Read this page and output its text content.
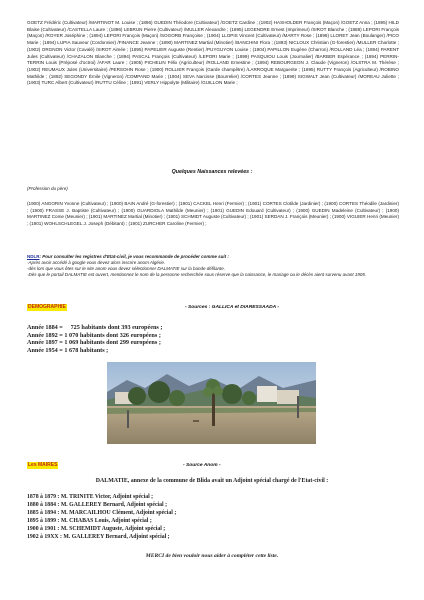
GOETZ Frédéric (Cultivateur) /MARTINOT M. Louise ; (1896) GUEDIN Théodore (Cultivateur) /GOETZ Cardine ; (1902) HASHOLDER François (Maçon) /GOETZ Anna ; (1895) HILD Blaise (Cultivateur) /CASTELLA Laure ; (1896) LEBRUN Pierre (Cultivateur) /MULLER Alexandre ; (1895) LEGENDRE Ernest (Imprimeur) /SIROT Blanche ; (1888) LEPORI François (Maçon) /ROYER Joséphine ; (1894) LEPORI François (Maçon) /SOGORB Françoise ; (1904) LLOPIS Vincent (Cultivateur) /MARTY Rose ; (1898) LLORET Jean (Boulanger) /PICO Marie ; (1894) LUPIA Sauveur (Cordonnier) /FINANCE Jeanne ; (1890) MARTINEZ Martial (Minotier) /BANCHINI Flora ; (1893) NICLOUX Christian (G-forestier) /MULLER Charlotte ; (1902) ORGNON Victor (Cavalé) /SIROT Aimée ; (1895) PAPELIER Auguste (Rentier) /PUYGUYON Louise ; (1904) PAPILLON Eugène (Charron) /ROLLAND Léa ; (1894) PARENT Jules (Cultivateur) /CHAZALON Blanche ; (1894) PASCAL François (Cultivateur) /LEPORI Marie ; (1899) PASQUIOU Louis (Journalier) /BARBER Espérance ; (1894) PERRIN-TERRIN Louis (Préposé d'octroi) /AFAR Laure ; (1905) PICHELIN Félix (Agriculteur) /ROLLAND Ernestine ; (1894) REBOURGEON J. Claude (Vigneron) /OLSTRA M. Thérèse ; (1902) REUMAUX Jules (Universitaire) /PERSOHN Rose ; (1900) ROLLIER François (Garde champêtre) /LARROQUE Marguerite ; (1895) RUTTY François (Agriculteur) /ROBINO Mathilde ; (1892) SEGONDY Émile (Vigneron) /COMPAND Marie ; (1904) SEVA Narcisse (Bourrelier) /CORTES Jeanne ; (1899) SIGWALT Jean (Cultivateur) /MOREAU Juliette ; (1903) TURC Albert (Cultivateur) /RUTTU Céline ; (1891) VERLY Hippolyte (Militaire) /GUILLON Marie ;
Quelques Naissances relevées :
(Profession du père)
(1900) ANGORIN Yvonne (Cultivateur) ; (1900) BAIN André (G-forestier) ; (1901) CACKEL Henri (Fermier) ; (1901) CORTES Clotilde (Jardinier) ; (1900) CORTES Théodile (Jardinier) ; (1900) FRASSE J. Baptiste (Cultivateur) ; (1900) GUARDIOLA Mathilde (Meunier) ; (1901) GUEDIN Edouard (Cultivateur) ; (1900) GUEDIN Madeleine (Cultivateur) ; (1900) MARTINEZ Come (Meunier) ; (1901) MARTINEZ Martial (Minotier) ; (1901) SCHMIDT Auguste (Cultivateur) ; (1901) SERDAN J. François (Meunier) ; (1900) VIGUIER Henri (Meunier) ; (1901) WOHLSCHLEGEL J. Joseph (Débitant) ; (1901) ZURCHER Caroline (Fermier) ;
NDLR: Pour consulter les registres d'Etat-civil, je vous recommande de procéder comme suit :
-Après avoir accédé à google vous devez alors inscrire anom Algérie.
-dès lors que vous êtes sur le site anom vous devez sélectionner DALMATIE sur la bande défilante.
-Dès que le portail DALMATIE est ouvert, mentionnez le nom de la personne recherchée sous réserve que la naissance, le mariage ou le décès aient survenu avant 1905.
DEMOGRAPHIE	- Sources : GALLICA et DIARESSAADA -
Année 1884 =     725 habitants dont 393 européens ;
Année 1892 = 1 070 habitants dont 326 européens ;
Année 1897 = 1 069 habitants dont 299 européens ;
Année 1954 = 1 678 habitants ;
Les MAIRES	- Source Anom -
DALMATIE, annexe de la commune de Blida avait un Adjoint spécial chargé de l'Etat-civil :
1878 à 1879 : M. TRINITE Victor, Adjoint spécial ;
1880 à 1884 : M. GALLEREY Bernard, Adjoint spécial ;
1885 à 1894 : M. MARCAILHOU Clément, Adjoint spécial ;
1895 à 1899 : M. CHABAS Louis, Adjoint spécial ;
1900 à 1901 : M. SCHEMIDT Auguste, Adjoint spécial ;
1902 à 19XX : M. GALLEREY Bernard, Adjoint spécial ;
MERCI de bien vouloir nous aider à compléter cette liste.
